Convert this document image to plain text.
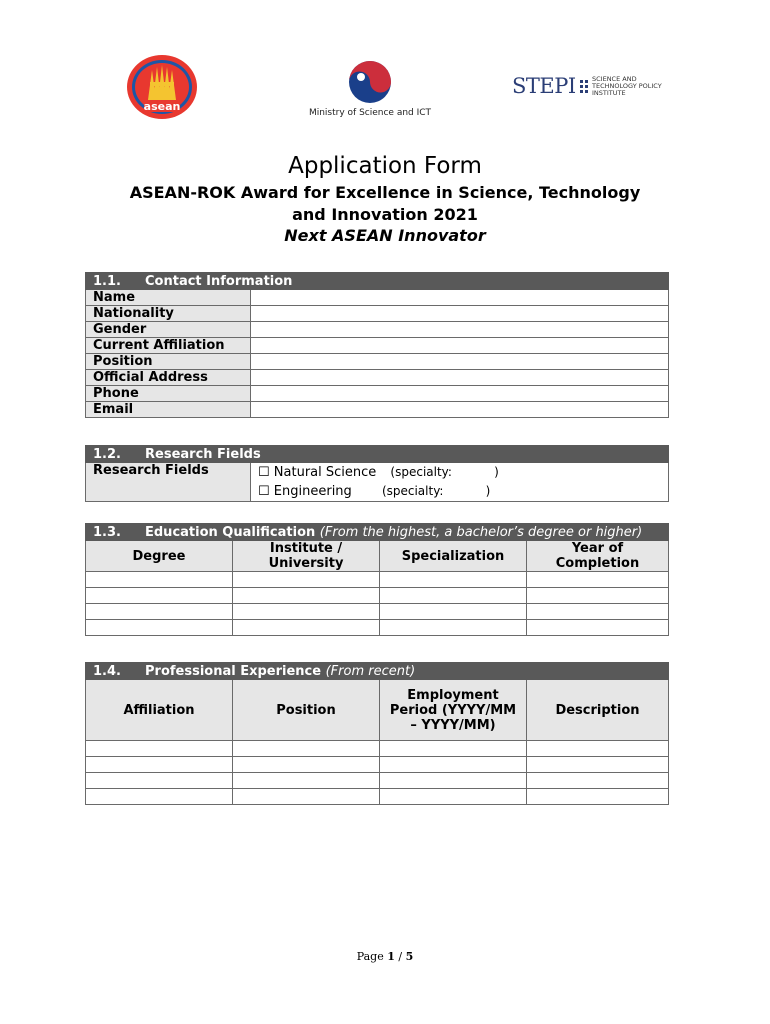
asean	Ministry of Science and ICT
STEPI	SCIENCE AND
TECHNOLOGY POLICY
INSTITUTE
Application Form
ASEAN-ROK Award for Excellence in Science, Technology
and Innovation 2021
Next ASEAN Innovator
1.1. Contact Information	
Name	
Nationality	
Gender	
Current Affiliation	
Position	
Official Address	
Phone	
Email	
1.2. Research Fields
Research Fields	☐ Natural Science (specialty:	)
☐ Engineering	(specialty:	)
1.3. Education Qualification (From the highest, a bachelor’s degree or higher)			
Degree	Institute / University	Specialization	Year of Completion

1.4. Professional Experience (From recent)			
Affiliation	Position	Employment Period (YYYY/MM – YYYY/MM)	Description

Page 1 / 5
